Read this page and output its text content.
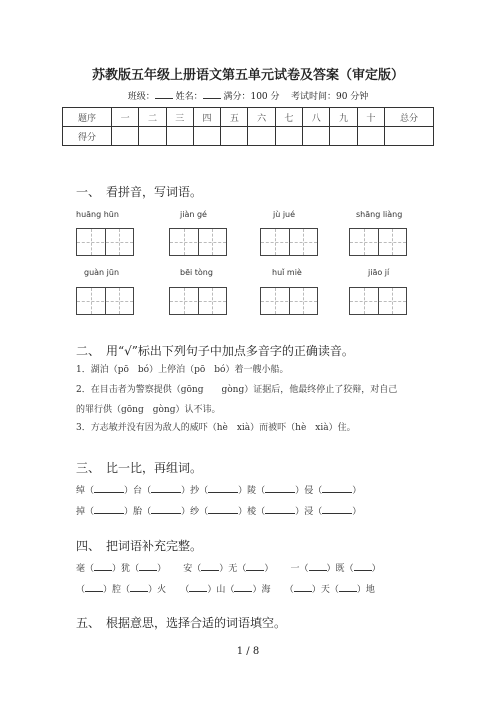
苏教版五年级上册语文第五单元试卷及答案（审定版）
班级： 姓名： 满分：100 分 考试时间：90 分钟
题序	一	二	三	四	五	六	七	八	九	十	总分
得分											
一、 看拼音，写词语。
huāng hūn	jiàn gé	jù jué	shāng liàng
guàn jūn	bēi tòng	huǐ miè	jiāo jí
二、 用“√”标出下列句子中加点多音字的正确读音。
1．湖泊（pō　bó）上停泊（pō　bó）着一艘小船。
2．在目击者为警察提供（gōng　　gòng）证据后，他最终停止了狡辩，对自己
的罪行供（gōng　gòng）认不讳。
3．方志敏并没有因为敌人的威吓（hè　xià）而被吓（hè　xià）住。
三、 比一比，再组词。
绰（	）台（	）抄（	）陵（	）侵（	）
掉（	）胎（	）纱（	）棱（	）浸（	）
四、 把词语补充完整。
毫（ ）犹（ ）      安（ ）无（ ）      一（ ）既（ ）
（ ）腔（ ）火     （ ）山（ ）海     （ ）天（ ）地
五、 根据意思，选择合适的词语填空。
1 / 8
